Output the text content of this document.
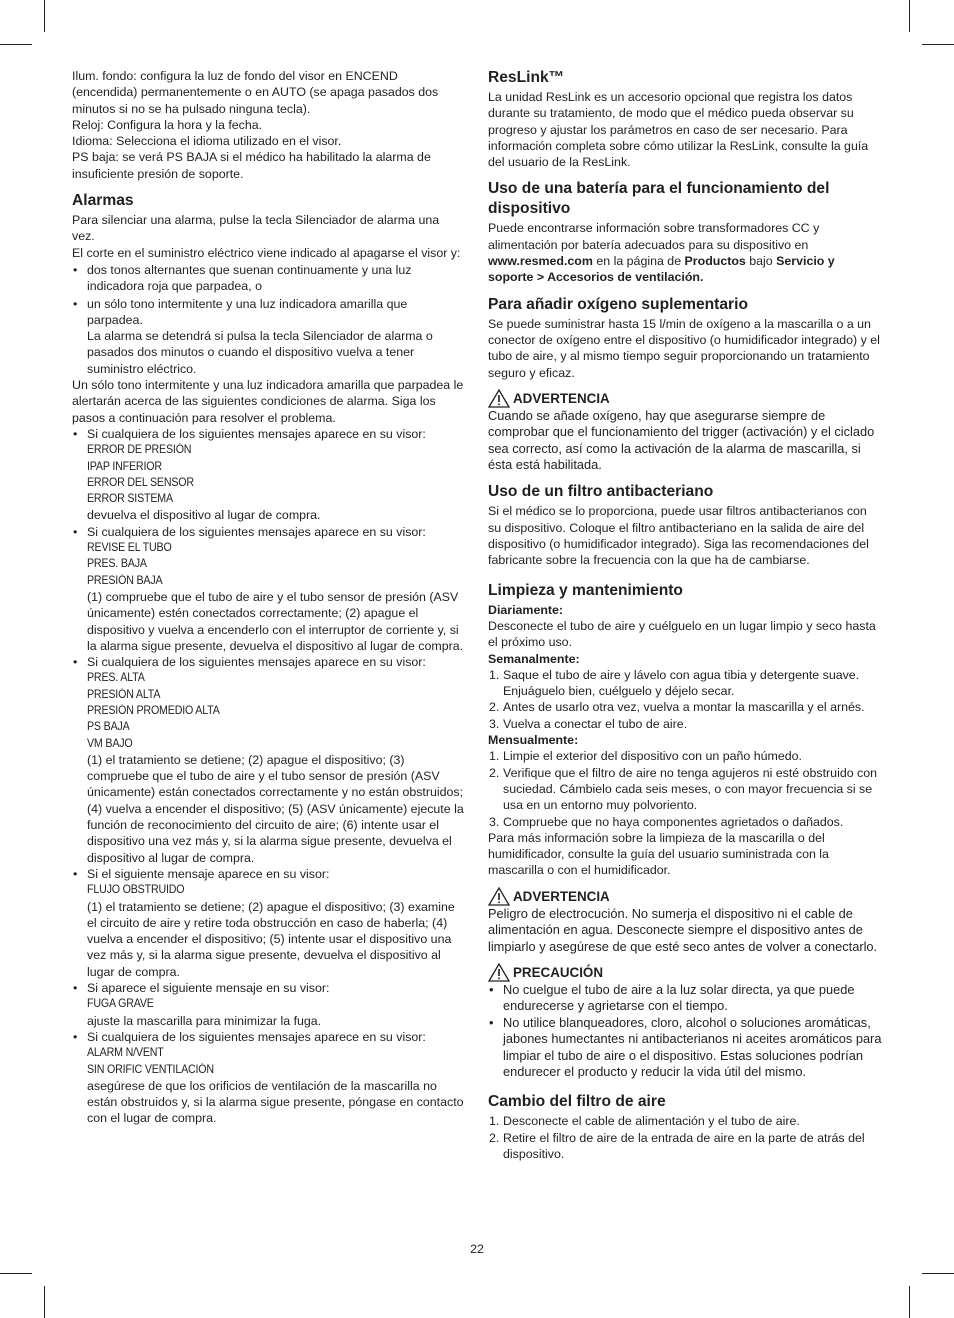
Ilum. fondo: configura la luz de fondo del visor en ENCEND (encendida) permanentemente o en AUTO (se apaga pasados dos minutos si no se ha pulsado ninguna tecla).

Reloj: Configura la hora y la fecha.

Idioma: Selecciona el idioma utilizado en el visor.

PS baja: se verá PS BAJA si el médico ha habilitado la alarma de insuficiente presión de soporte.

Alarmas

Para silenciar una alarma, pulse la tecla Silenciador de alarma una vez.

El corte en el suministro eléctrico viene indicado al apagarse el visor y:

• dos tonos alternantes que suenan continuamente y una luz indicadora roja que parpadea, o
• un sólo tono intermitente y una luz indicadora amarilla que parpadea.
La alarma se detendrá si pulsa la tecla Silenciador de alarma o pasados dos minutos o cuando el dispositivo vuelva a tener suministro eléctrico.

Un sólo tono intermitente y una luz indicadora amarilla que parpadea le alertarán acerca de las siguientes condiciones de alarma. Siga los pasos a continuación para resolver el problema.

• Si cualquiera de los siguientes mensajes aparece en su visor:
ERROR DE PRESIÓN
IPAP INFERIOR
ERROR DEL SENSOR
ERROR SISTEMA
devuelva el dispositivo al lugar de compra.
• Si cualquiera de los siguientes mensajes aparece en su visor:
REVISE EL TUBO
PRES. BAJA
PRESIÓN BAJA
(1) compruebe que el tubo de aire y el tubo sensor de presión (ASV únicamente) estén conectados correctamente; (2) apague el dispositivo y vuelva a encenderlo con el interruptor de corriente y, si la alarma sigue presente, devuelva el dispositivo al lugar de compra.
• Si cualquiera de los siguientes mensajes aparece en su visor:
PRES. ALTA
PRESIÓN ALTA
PRESIÓN PROMEDIO ALTA
PS BAJA
VM BAJO
(1) el tratamiento se detiene; (2) apague el dispositivo; (3) compruebe que el tubo de aire y el tubo sensor de presión (ASV únicamente) están conectados correctamente y no están obstruidos; (4) vuelva a encender el dispositivo; (5) (ASV únicamente) ejecute la función de reconocimiento del circuito de aire; (6) intente usar el dispositivo una vez más y, si la alarma sigue presente, devuelva el dispositivo al lugar de compra.
• Si el siguiente mensaje aparece en su visor:
FLUJO OBSTRUIDO
(1) el tratamiento se detiene; (2) apague el dispositivo; (3) examine el circuito de aire y retire toda obstrucción en caso de haberla; (4) vuelva a encender el dispositivo; (5) intente usar el dispositivo una vez más y, si la alarma sigue presente, devuelva el dispositivo al lugar de compra.
• Si aparece el siguiente mensaje en su visor:
FUGA GRAVE
ajuste la mascarilla para minimizar la fuga.
• Si cualquiera de los siguientes mensajes aparece en su visor:
ALARM N/VENT
SIN ORIFIC VENTILACIÓN
asegúrese de que los orificios de ventilación de la mascarilla no están obstruidos y, si la alarma sigue presente, póngase en contacto con el lugar de compra.
ResLink™

La unidad ResLink es un accesorio opcional que registra los datos durante su tratamiento, de modo que el médico pueda observar su progreso y ajustar los parámetros en caso de ser necesario. Para información completa sobre cómo utilizar la ResLink, consulte la guía del usuario de la ResLink.

Uso de una batería para el funcionamiento del dispositivo

Puede encontrarse información sobre transformadores CC y alimentación por batería adecuados para su dispositivo en www.resmed.com en la página de Productos bajo Servicio y soporte > Accesorios de ventilación.

Para añadir oxígeno suplementario

Se puede suministrar hasta 15 l/min de oxígeno a la mascarilla o a un conector de oxígeno entre el dispositivo (o humidificador integrado) y el tubo de aire, y al mismo tiempo seguir proporcionando un tratamiento seguro y eficaz.

ADVERTENCIA

Cuando se añade oxígeno, hay que asegurarse siempre de comprobar que el funcionamiento del trigger (activación) y el ciclado sea correcto, así como la activación de la alarma de mascarilla, si ésta está habilitada.

Uso de un filtro antibacteriano

Si el médico se lo proporciona, puede usar filtros antibacterianos con su dispositivo. Coloque el filtro antibacteriano en la salida de aire del dispositivo (o humidificador integrado). Siga las recomendaciones del fabricante sobre la frecuencia con la que ha de cambiarse.

Limpieza y mantenimiento

Diariamente:

Desconecte el tubo de aire y cuélguelo en un lugar limpio y seco hasta el próximo uso.

Semanalmente:

1. Saque el tubo de aire y lávelo con agua tibia y detergente suave. Enjuáguelo bien, cuélguelo y déjelo secar.
2. Antes de usarlo otra vez, vuelva a montar la mascarilla y el arnés.
3. Vuelva a conectar el tubo de aire.

Mensualmente:

1. Limpie el exterior del dispositivo con un paño húmedo.
2. Verifique que el filtro de aire no tenga agujeros ni esté obstruido con suciedad. Cámbielo cada seis meses, o con mayor frecuencia si se usa en un entorno muy polvoriento.
3. Compruebe que no haya componentes agrietados o dañados.

Para más información sobre la limpieza de la mascarilla o del humidificador, consulte la guía del usuario suministrada con la mascarilla o con el humidificador.

ADVERTENCIA

Peligro de electrocución. No sumerja el dispositivo ni el cable de alimentación en agua. Desconecte siempre el dispositivo antes de limpiarlo y asegúrese de que esté seco antes de volver a conectarlo.

PRECAUCIÓN
• No cuelgue el tubo de aire a la luz solar directa, ya que puede endurecerse y agrietarse con el tiempo.
• No utilice blanqueadores, cloro, alcohol o soluciones aromáticas, jabones humectantes ni antibacterianos ni aceites aromáticos para limpiar el tubo de aire o el dispositivo. Estas soluciones podrían endurecer el producto y reducir la vida útil del mismo.
Cambio del filtro de aire
1. Desconecte el cable de alimentación y el tubo de aire.
2. Retire el filtro de aire de la entrada de aire en la parte de atrás del dispositivo.
22
